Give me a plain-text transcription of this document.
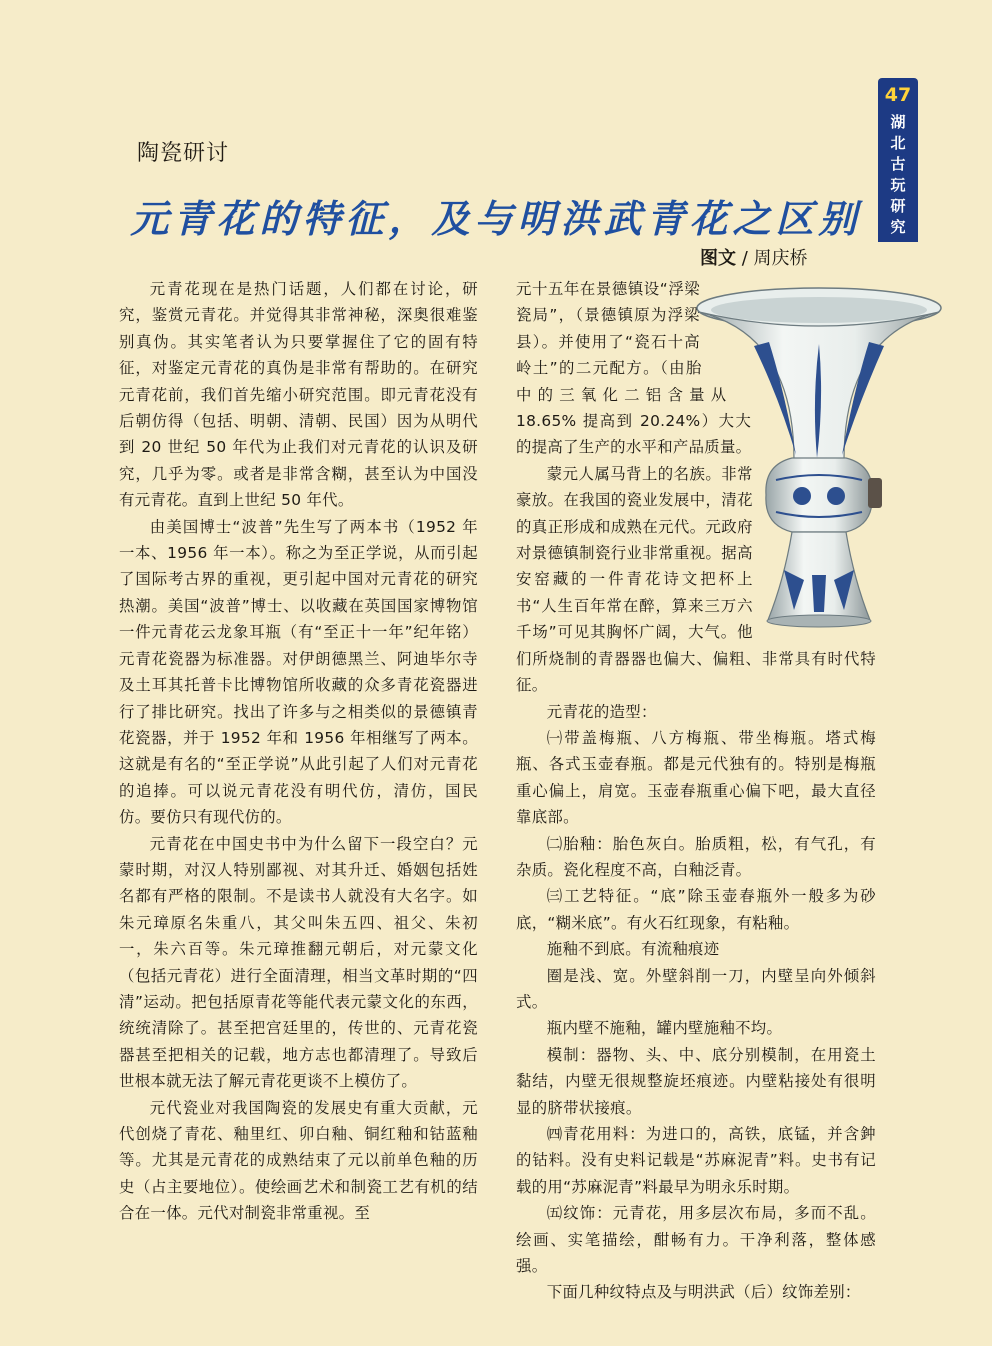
47
湖北古玩研究
陶瓷研讨
元青花的特征，及与明洪武青花之区别
图文 / 周庆桥

元青花现在是热门话题，人们都在讨论，研究，鉴赏元青花。并觉得其非常神秘，深奥很难鉴别真伪。其实笔者认为只要掌握住了它的固有特征，对鉴定元青花的真伪是非常有帮助的。在研究元青花前，我们首先缩小研究范围。即元青花没有后朝仿得（包括、明朝、清朝、民国）因为从明代到 20 世纪 50 年代为止我们对元青花的认识及研究，几乎为零。或者是非常含糊，甚至认为中国没有元青花。直到上世纪 50 年代。

由美国博士“波普”先生写了两本书（1952 年一本、1956 年一本）。称之为至正学说，从而引起了国际考古界的重视，更引起中国对元青花的研究热潮。美国“波普”博士、以收藏在英国国家博物馆一件元青花云龙象耳瓶（有“至正十一年”纪年铭）元青花瓷器为标准器。对伊朗德黑兰、阿迪毕尔寺及土耳其托普卡比博物馆所收藏的众多青花瓷器进行了排比研究。找出了许多与之相类似的景德镇青花瓷器，并于 1952 年和 1956 年相继写了两本。这就是有名的“至正学说”从此引起了人们对元青花的追捧。可以说元青花没有明代仿，清仿，国民仿。要仿只有现代仿的。

元青花在中国史书中为什么留下一段空白？元蒙时期，对汉人特别鄙视、对其升迁、婚姻包括姓名都有严格的限制。不是读书人就没有大名字。如朱元璋原名朱重八，其父叫朱五四、祖父、朱初一，朱六百等。朱元璋推翻元朝后，对元蒙文化（包括元青花）进行全面清理，相当文革时期的“四清”运动。把包括原青花等能代表元蒙文化的东西，统统清除了。甚至把宫廷里的，传世的、元青花瓷器甚至把相关的记载，地方志也都清理了。导致后世根本就无法了解元青花更谈不上模仿了。

元代瓷业对我国陶瓷的发展史有重大贡献，元代创烧了青花、釉里红、卯白釉、铜红釉和钴蓝釉等。尤其是元青花的成熟结束了元以前单色釉的历史（占主要地位）。使绘画艺术和制瓷工艺有机的结合在一体。元代对制瓷非常重视。至

元十五年在景德镇设“浮梁瓷局”，（景德镇原为浮梁县）。并使用了“瓷石十高岭土”的二元配方。（由胎中的三氧化二铝含量从 18.65% 提高到 20.24%）大大的提高了生产的水平和产品质量。

蒙元人属马背上的名族。非常豪放。在我国的瓷业发展中，清花的真正形成和成熟在元代。元政府对景德镇制瓷行业非常重视。据高安窑藏的一件青花诗文把杯上书“人生百年常在醉，算来三万六千场”可见其胸怀广阔，大气。他们所烧制的青器器也偏大、偏粗、非常具有时代特征。

元青花的造型：

㈠带盖梅瓶、八方梅瓶、带坐梅瓶。塔式梅瓶、各式玉壶春瓶。都是元代独有的。特别是梅瓶重心偏上，肩宽。玉壶春瓶重心偏下吧，最大直径靠底部。

㈡胎釉：胎色灰白。胎质粗，松，有气孔，有杂质。瓷化程度不高，白釉泛青。

㈢工艺特征。“底”除玉壶春瓶外一般多为砂底，“糊米底”。有火石红现象，有粘釉。

施釉不到底。有流釉痕迹

圈是浅、宽。外壁斜削一刀，内壁呈向外倾斜式。

瓶内壁不施釉，罐内壁施釉不均。

模制：器物、头、中、底分别模制，在用瓷土黏结，内壁无很规整旋坯痕迹。内壁粘接处有很明显的脐带状接痕。

㈣青花用料：为进口的，高铁，底锰，并含鈡的钴料。没有史料记载是“苏麻泥青”料。史书有记载的用“苏麻泥青”料最早为明永乐时期。

㈤纹饰：元青花，用多层次布局，多而不乱。绘画、实笔描绘，酣畅有力。干净利落，整体感强。

下面几种纹特点及与明洪武（后）纹饰差别：
